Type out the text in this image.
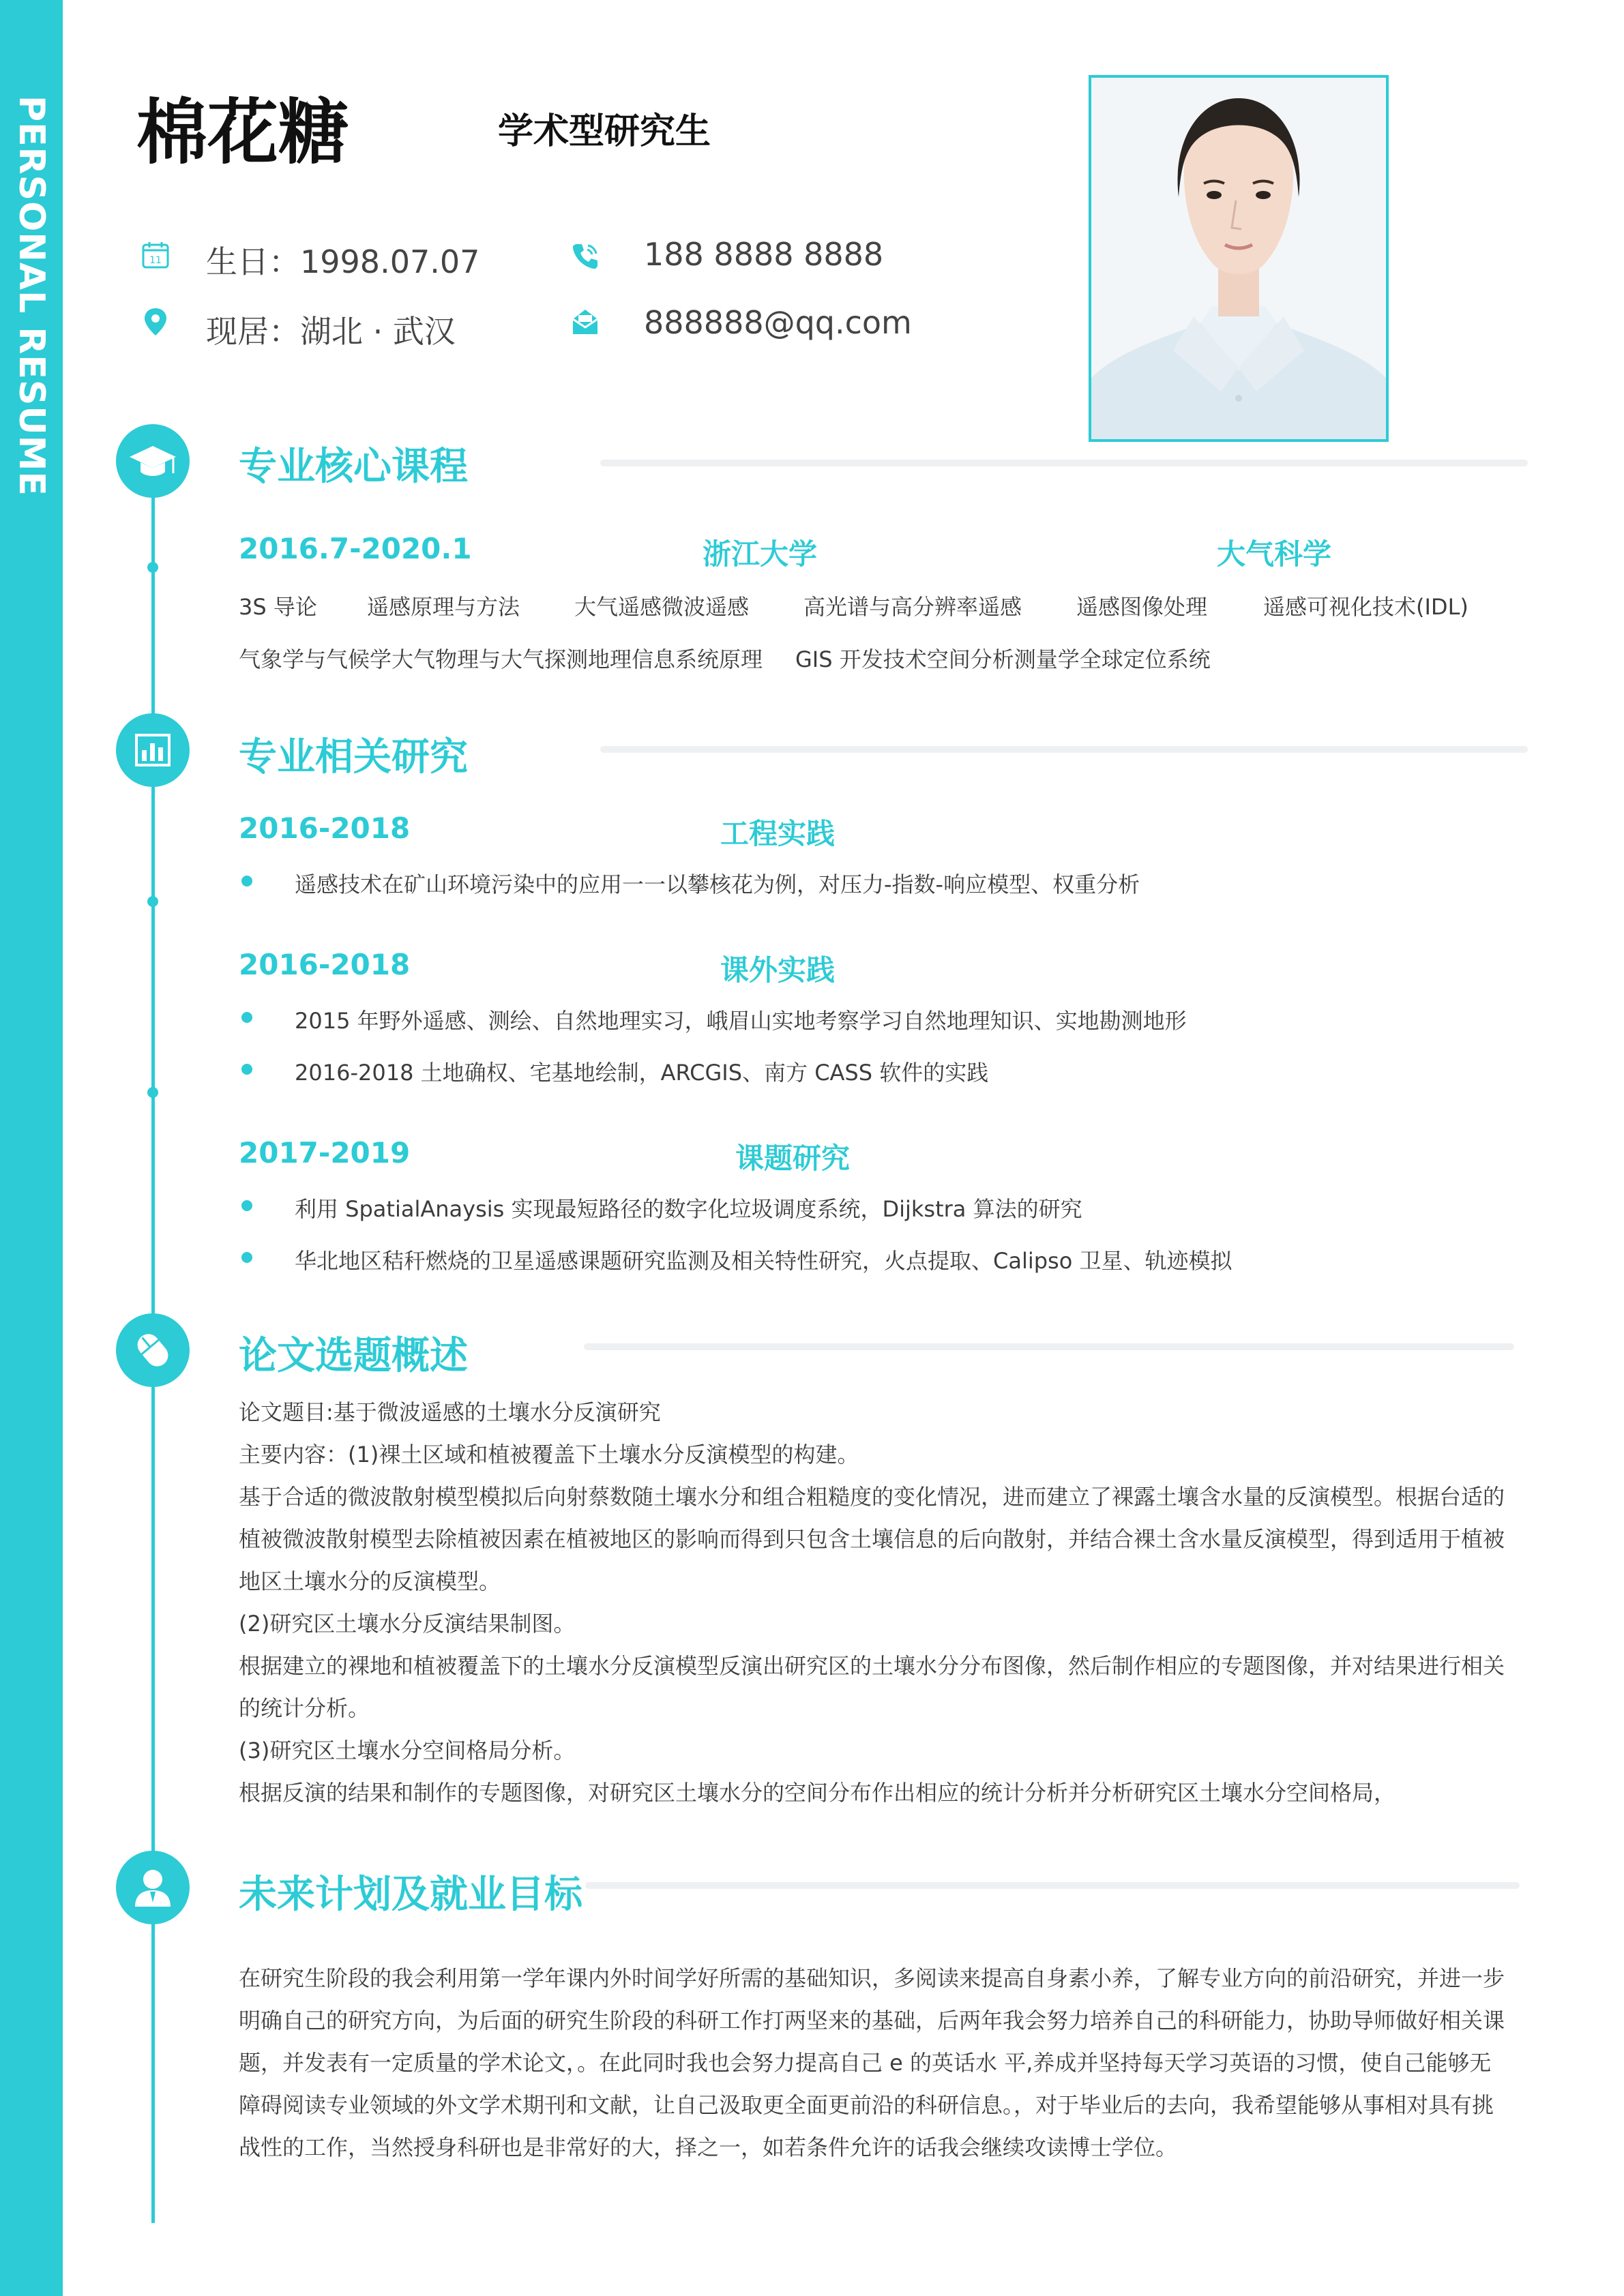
PERSONAL RESUME 棉花糖	学术型研究生
11 生日：1998.07.07
现居：湖北 · 武汉
188 8888 8888
888888@qq.com
专业核心课程
2016.7-2020.1	浙江大学	大气科学
3S 导论 遥感原理与方法 大气遥感微波遥感 高光谱与高分辨率遥感 遥感图像处理	遥感可视化技术(IDL)
气象学与气候学大气物理与大气探测地理信息系统原理 GIS 开发技术空间分析测量学全球定位系统
专业相关研究
2016-2018	工程实践
遥感技术在矿山环境污染中的应用一一以攀核花为例，对压力-指数-响应模型、权重分析
2016-2018	课外实践
2015 年野外遥感、测绘、自然地理实习，峨眉山实地考察学习自然地理知识、实地勘测地形
2016-2018 土地确权、宅基地绘制，ARCGIS、南方 CASS 软件的实践
2017-2019	课题研究
利用 SpatialAnaysis 实现最短路径的数字化垃圾调度系统，Dijkstra 算法的研究
华北地区秸秆燃烧的卫星遥感课题研究监测及相关特性研究，火点提取、Calipso 卫星、轨迹模拟
论文选题概述
论文题目:基于微波遥感的土壤水分反演研究
主要内容：(1)裸土区域和植被覆盖下土壤水分反演模型的构建。
基于合适的微波散射模型模拟后向射蔡数随土壤水分和组合粗糙度的变化情况，进而建立了裸露土壤含水量的反演模型。根据台适的
植被微波散射模型去除植被因素在植被地区的影响而得到只包含土壤信息的后向散射，并结合裸土含水量反演模型，得到适用于植被
地区土壤水分的反演模型。
(2)研究区土壤水分反演结果制图。
根据建立的裸地和植被覆盖下的土壤水分反演模型反演出研究区的土壤水分分布图像，然后制作相应的专题图像，并对结果进行相关
的统计分析。
(3)研究区土壤水分空间格局分析。
根据反演的结果和制作的专题图像，对研究区土壤水分的空间分布作出相应的统计分析并分析研究区土壤水分空间格局，
未来计划及就业目标
在研究生阶段的我会利用第一学年课内外时间学好所需的基础知识，多阅读来提高自身素小养，了解专业方向的前沿研究，并进一步
明确自己的研究方向，为后面的研究生阶段的科研工作打两坚来的基础，后两年我会努力培养自己的科研能力，协助导师做好相关课
题，并发表有一定质量的学术论文，。在此同时我也会努力提高自己 e 的英话水 平,养成并坚持每天学习英语的习惯，使自己能够无
障碍阅读专业领域的外文学术期刊和文献，让自己汲取更全面更前沿的科研信息。，对于毕业后的去向，我希望能够从事相对具有挑
战性的工作，当然授身科研也是非常好的大，择之一，如若条件允许的话我会继续攻读博士学位。
